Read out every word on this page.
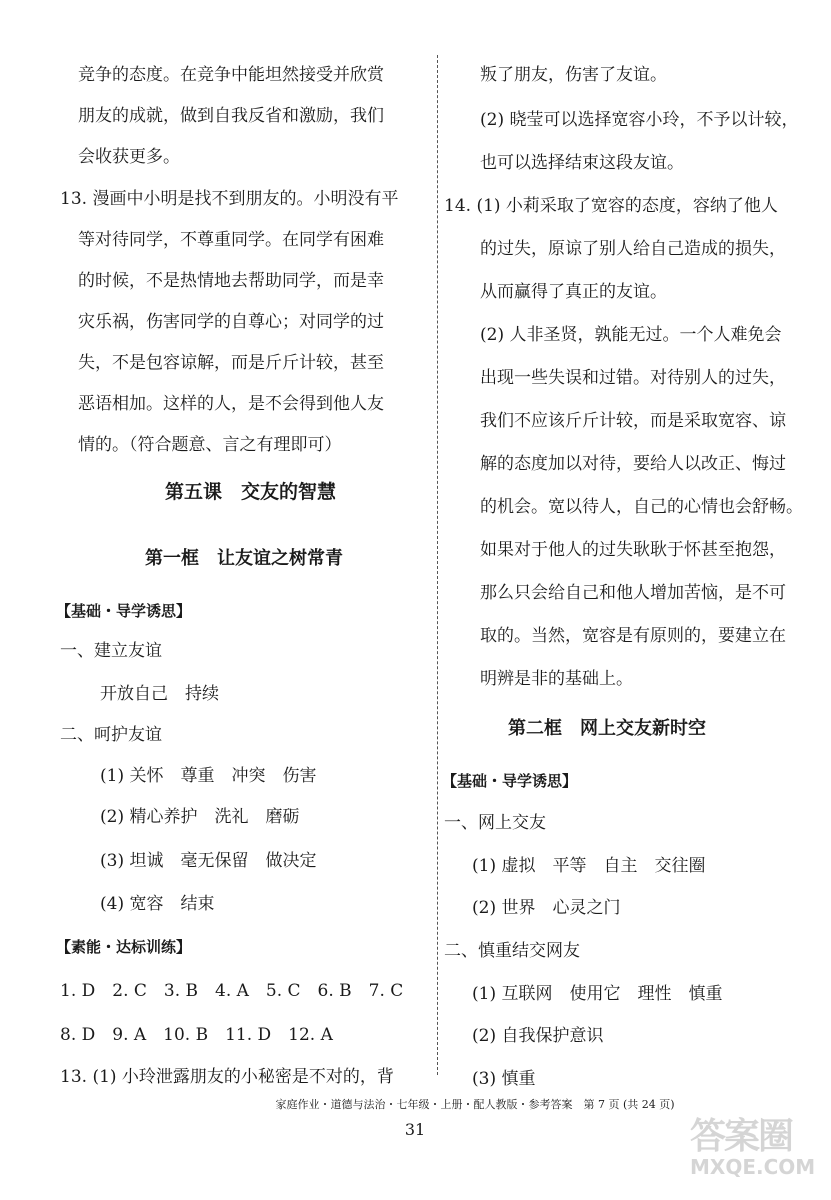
竞争的态度。在竞争中能坦然接受并欣赏
朋友的成就，做到自我反省和激励，我们
会收获更多。
13. 漫画中小明是找不到朋友的。小明没有平
等对待同学，不尊重同学。在同学有困难
的时候，不是热情地去帮助同学，而是幸
灾乐祸，伤害同学的自尊心；对同学的过
失，不是包容谅解，而是斤斤计较，甚至
恶语相加。这样的人，是不会得到他人友
情的。（符合题意、言之有理即可）
第五课　交友的智慧
第一框　让友谊之树常青
【基础・导学诱思】
一、建立友谊
开放自己　持续
二、呵护友谊
(1) 关怀　尊重　冲突　伤害
(2) 精心养护　洗礼　磨砺
(3) 坦诚　毫无保留　做决定
(4) 宽容　结束
【素能・达标训练】
1. D　2. C　3. B　4. A　5. C　6. B　7. C
8. D　9. A　10. B　11. D　12. A
13. (1) 小玲泄露朋友的小秘密是不对的，背
叛了朋友，伤害了友谊。
(2) 晓莹可以选择宽容小玲，不予以计较，
也可以选择结束这段友谊。
14. (1) 小莉采取了宽容的态度，容纳了他人
的过失，原谅了别人给自己造成的损失，
从而赢得了真正的友谊。
(2) 人非圣贤，孰能无过。一个人难免会
出现一些失误和过错。对待别人的过失，
我们不应该斤斤计较，而是采取宽容、谅
解的态度加以对待，要给人以改正、悔过
的机会。宽以待人，自己的心情也会舒畅。
如果对于他人的过失耿耿于怀甚至抱怨，
那么只会给自己和他人增加苦恼，是不可
取的。当然，宽容是有原则的，要建立在
明辨是非的基础上。
第二框　网上交友新时空
【基础・导学诱思】
一、网上交友
(1) 虚拟　平等　自主　交往圈
(2) 世界　心灵之门
二、慎重结交网友
(1) 互联网　使用它　理性　慎重
(2) 自我保护意识
(3) 慎重
家庭作业・道德与法治・七年级・上册・配人教版・参考答案　第 7 页 (共 24 页)
31	答案圈
MXQE.COM
